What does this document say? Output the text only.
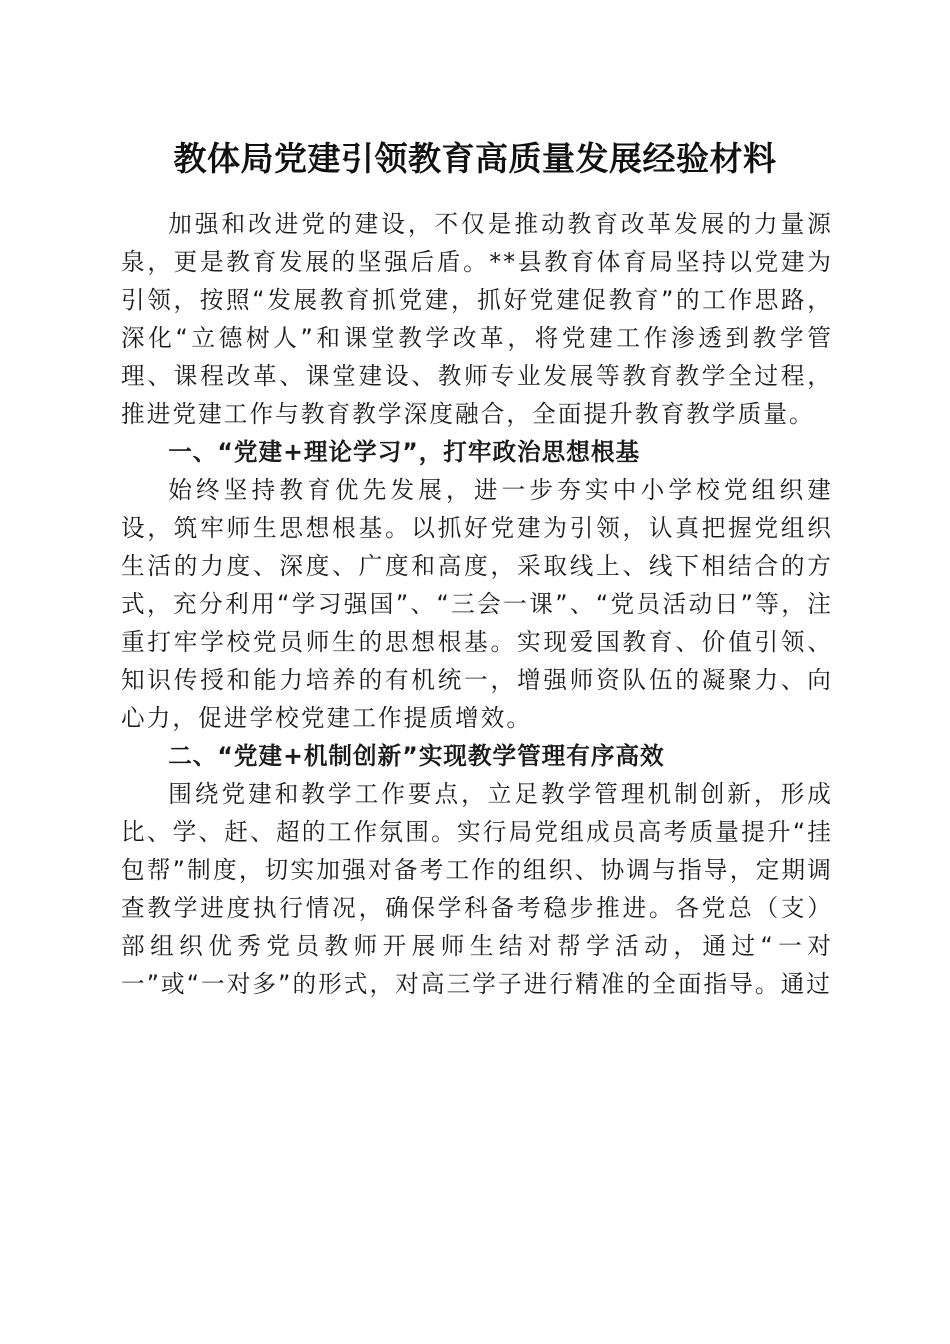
教体局党建引领教育高质量发展经验材料

加强和改进党的建设，不仅是推动教育改革发展的力量源泉，更是教育发展的坚强后盾。**县教育体育局坚持以党建为引领，按照“发展教育抓党建，抓好党建促教育”的工作思路，深化“立德树人”和课堂教学改革，将党建工作渗透到教学管理、课程改革、课堂建设、教师专业发展等教育教学全过程，推进党建工作与教育教学深度融合，全面提升教育教学质量。

一、“党建+理论学习”，打牢政治思想根基

始终坚持教育优先发展，进一步夯实中小学校党组织建设，筑牢师生思想根基。以抓好党建为引领，认真把握党组织生活的力度、深度、广度和高度，采取线上、线下相结合的方式，充分利用“学习强国”、“三会一课”、“党员活动日”等，注重打牢学校党员师生的思想根基。实现爱国教育、价值引领、知识传授和能力培养的有机统一，增强师资队伍的凝聚力、向心力，促进学校党建工作提质增效。

二、“党建+机制创新”实现教学管理有序高效

围绕党建和教学工作要点，立足教学管理机制创新，形成比、学、赶、超的工作氛围。实行局党组成员高考质量提升“挂包帮”制度，切实加强对备考工作的组织、协调与指导，定期调查教学进度执行情况，确保学科备考稳步推进。各党总（支）部组织优秀党员教师开展师生结对帮学活动，通过“一对一”或“一对多”的形式，对高三学子进行精准的全面指导。通过
